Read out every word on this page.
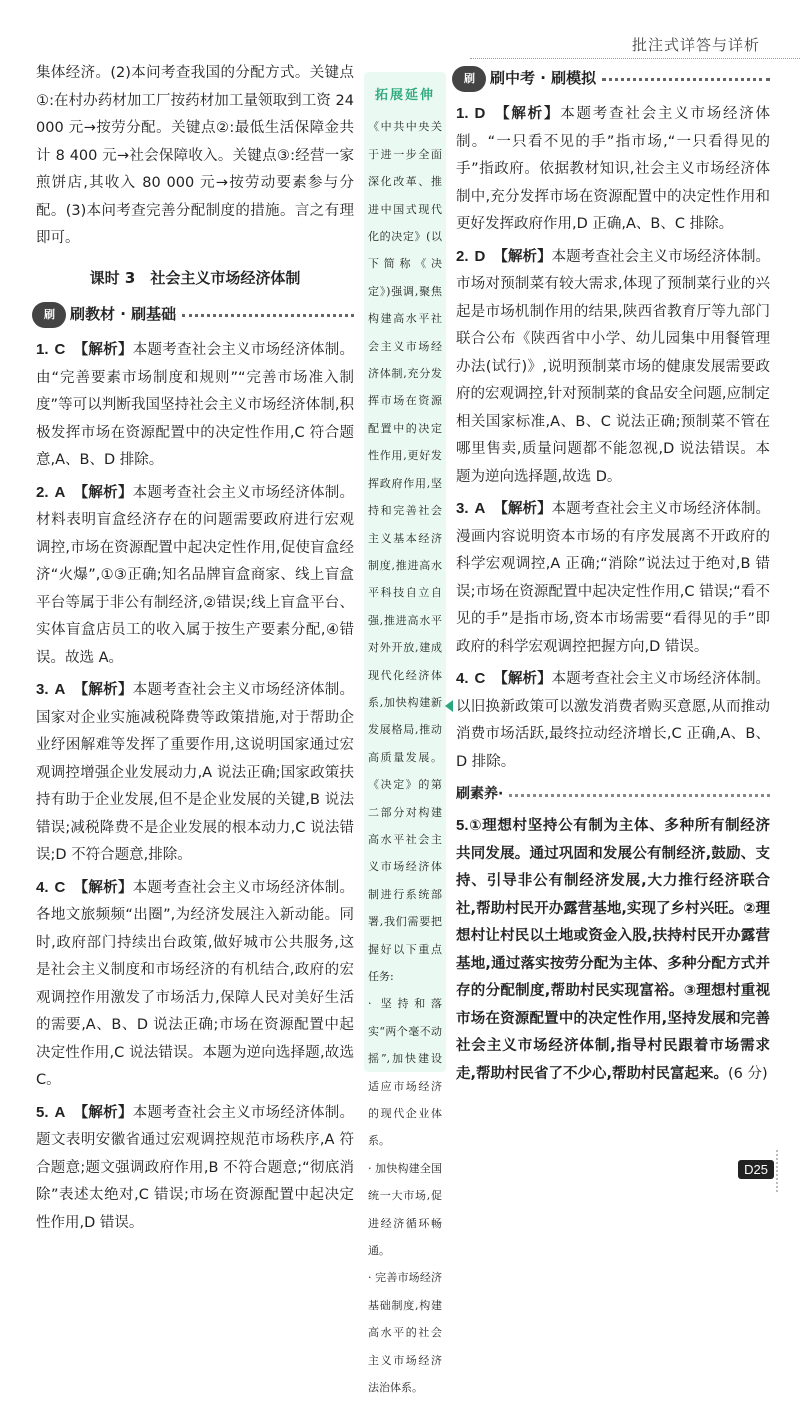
批注式详答与详析

集体经济。(2)本问考查我国的分配方式。关键点①:在村办药材加工厂按药材加工量领取到工资 24 000 元→按劳分配。关键点②:最低生活保障金共计 8 400 元→社会保障收入。关键点③:经营一家煎饼店,其收入 80 000 元→按劳动要素参与分配。(3)本问考查完善分配制度的措施。言之有理即可。

课时 3　社会主义市场经济体制
刷	刷教材 · 刷基础
1. C 【解析】本题考查社会主义市场经济体制。由“完善要素市场制度和规则”“完善市场准入制度”等可以判断我国坚持社会主义市场经济体制,积极发挥市场在资源配置中的决定性作用,C 符合题意,A、B、D 排除。
2. A 【解析】本题考查社会主义市场经济体制。材料表明盲盒经济存在的问题需要政府进行宏观调控,市场在资源配置中起决定性作用,促使盲盒经济“火爆”,①③正确;知名品牌盲盒商家、线上盲盒平台等属于非公有制经济,②错误;线上盲盒平台、实体盲盒店员工的收入属于按生产要素分配,④错误。故选 A。
3. A 【解析】本题考查社会主义市场经济体制。国家对企业实施减税降费等政策措施,对于帮助企业纾困解难等发挥了重要作用,这说明国家通过宏观调控增强企业发展动力,A 说法正确;国家政策扶持有助于企业发展,但不是企业发展的关键,B 说法错误;减税降费不是企业发展的根本动力,C 说法错误;D 不符合题意,排除。
4. C 【解析】本题考查社会主义市场经济体制。各地文旅频频“出圈”,为经济发展注入新动能。同时,政府部门持续出台政策,做好城市公共服务,这是社会主义制度和市场经济的有机结合,政府的宏观调控作用激发了市场活力,保障人民对美好生活的需要,A、B、D 说法正确;市场在资源配置中起决定性作用,C 说法错误。本题为逆向选择题,故选 C。
5. A 【解析】本题考查社会主义市场经济体制。题文表明安徽省通过宏观调控规范市场秩序,A 符合题意;题文强调政府作用,B 不符合题意;“彻底消除”表述太绝对,C 错误;市场在资源配置中起决定性作用,D 错误。
拓展延伸
《中共中央关于进一步全面深化改革、推进中国式现代化的决定》(以下简称《决定》)强调,聚焦构建高水平社会主义市场经济体制,充分发挥市场在资源配置中的决定性作用,更好发挥政府作用,坚持和完善社会主义基本经济制度,推进高水平科技自立自强,推进高水平对外开放,建成现代化经济体系,加快构建新发展格局,推动高质量发展。《决定》的第二部分对构建高水平社会主义市场经济体制进行系统部署,我们需要把握好以下重点任务:

· 坚持和落实“两个毫不动摇”,加快建设适应市场经济的现代企业体系。

· 加快构建全国统一大市场,促进经济循环畅通。

· 完善市场经济基础制度,构建高水平的社会主义市场经济法治体系。

刷	刷中考 · 刷模拟
1. D 【解析】本题考查社会主义市场经济体制。“一只看不见的手”指市场,“一只看得见的手”指政府。依据教材知识,社会主义市场经济体制中,充分发挥市场在资源配置中的决定性作用和更好发挥政府作用,D 正确,A、B、C 排除。
2. D 【解析】本题考查社会主义市场经济体制。市场对预制菜有较大需求,体现了预制菜行业的兴起是市场机制作用的结果,陕西省教育厅等九部门联合公布《陕西省中小学、幼儿园集中用餐管理办法(试行)》,说明预制菜市场的健康发展需要政府的宏观调控,针对预制菜的食品安全问题,应制定相关国家标准,A、B、C 说法正确;预制菜不管在哪里售卖,质量问题都不能忽视,D 说法错误。本题为逆向选择题,故选 D。
3. A 【解析】本题考查社会主义市场经济体制。漫画内容说明资本市场的有序发展离不开政府的科学宏观调控,A 正确;“消除”说法过于绝对,B 错误;市场在资源配置中起决定性作用,C 错误;“看不见的手”是指市场,资本市场需要“看得见的手”即政府的科学宏观调控把握方向,D 错误。
4. C 【解析】本题考查社会主义市场经济体制。以旧换新政策可以激发消费者购买意愿,从而推动消费市场活跃,最终拉动经济增长,C 正确,A、B、D 排除。
刷素养·
5.①理想村坚持公有制为主体、多种所有制经济共同发展。通过巩固和发展公有制经济,鼓励、支持、引导非公有制经济发展,大力推行经济联合社,帮助村民开办露营基地,实现了乡村兴旺。②理想村让村民以土地或资金入股,扶持村民开办露营基地,通过落实按劳分配为主体、多种分配方式并存的分配制度,帮助村民实现富裕。③理想村重视市场在资源配置中的决定性作用,坚持发展和完善社会主义市场经济体制,指导村民跟着市场需求走,帮助村民省了不少心,帮助村民富起来。(6 分)
D25
